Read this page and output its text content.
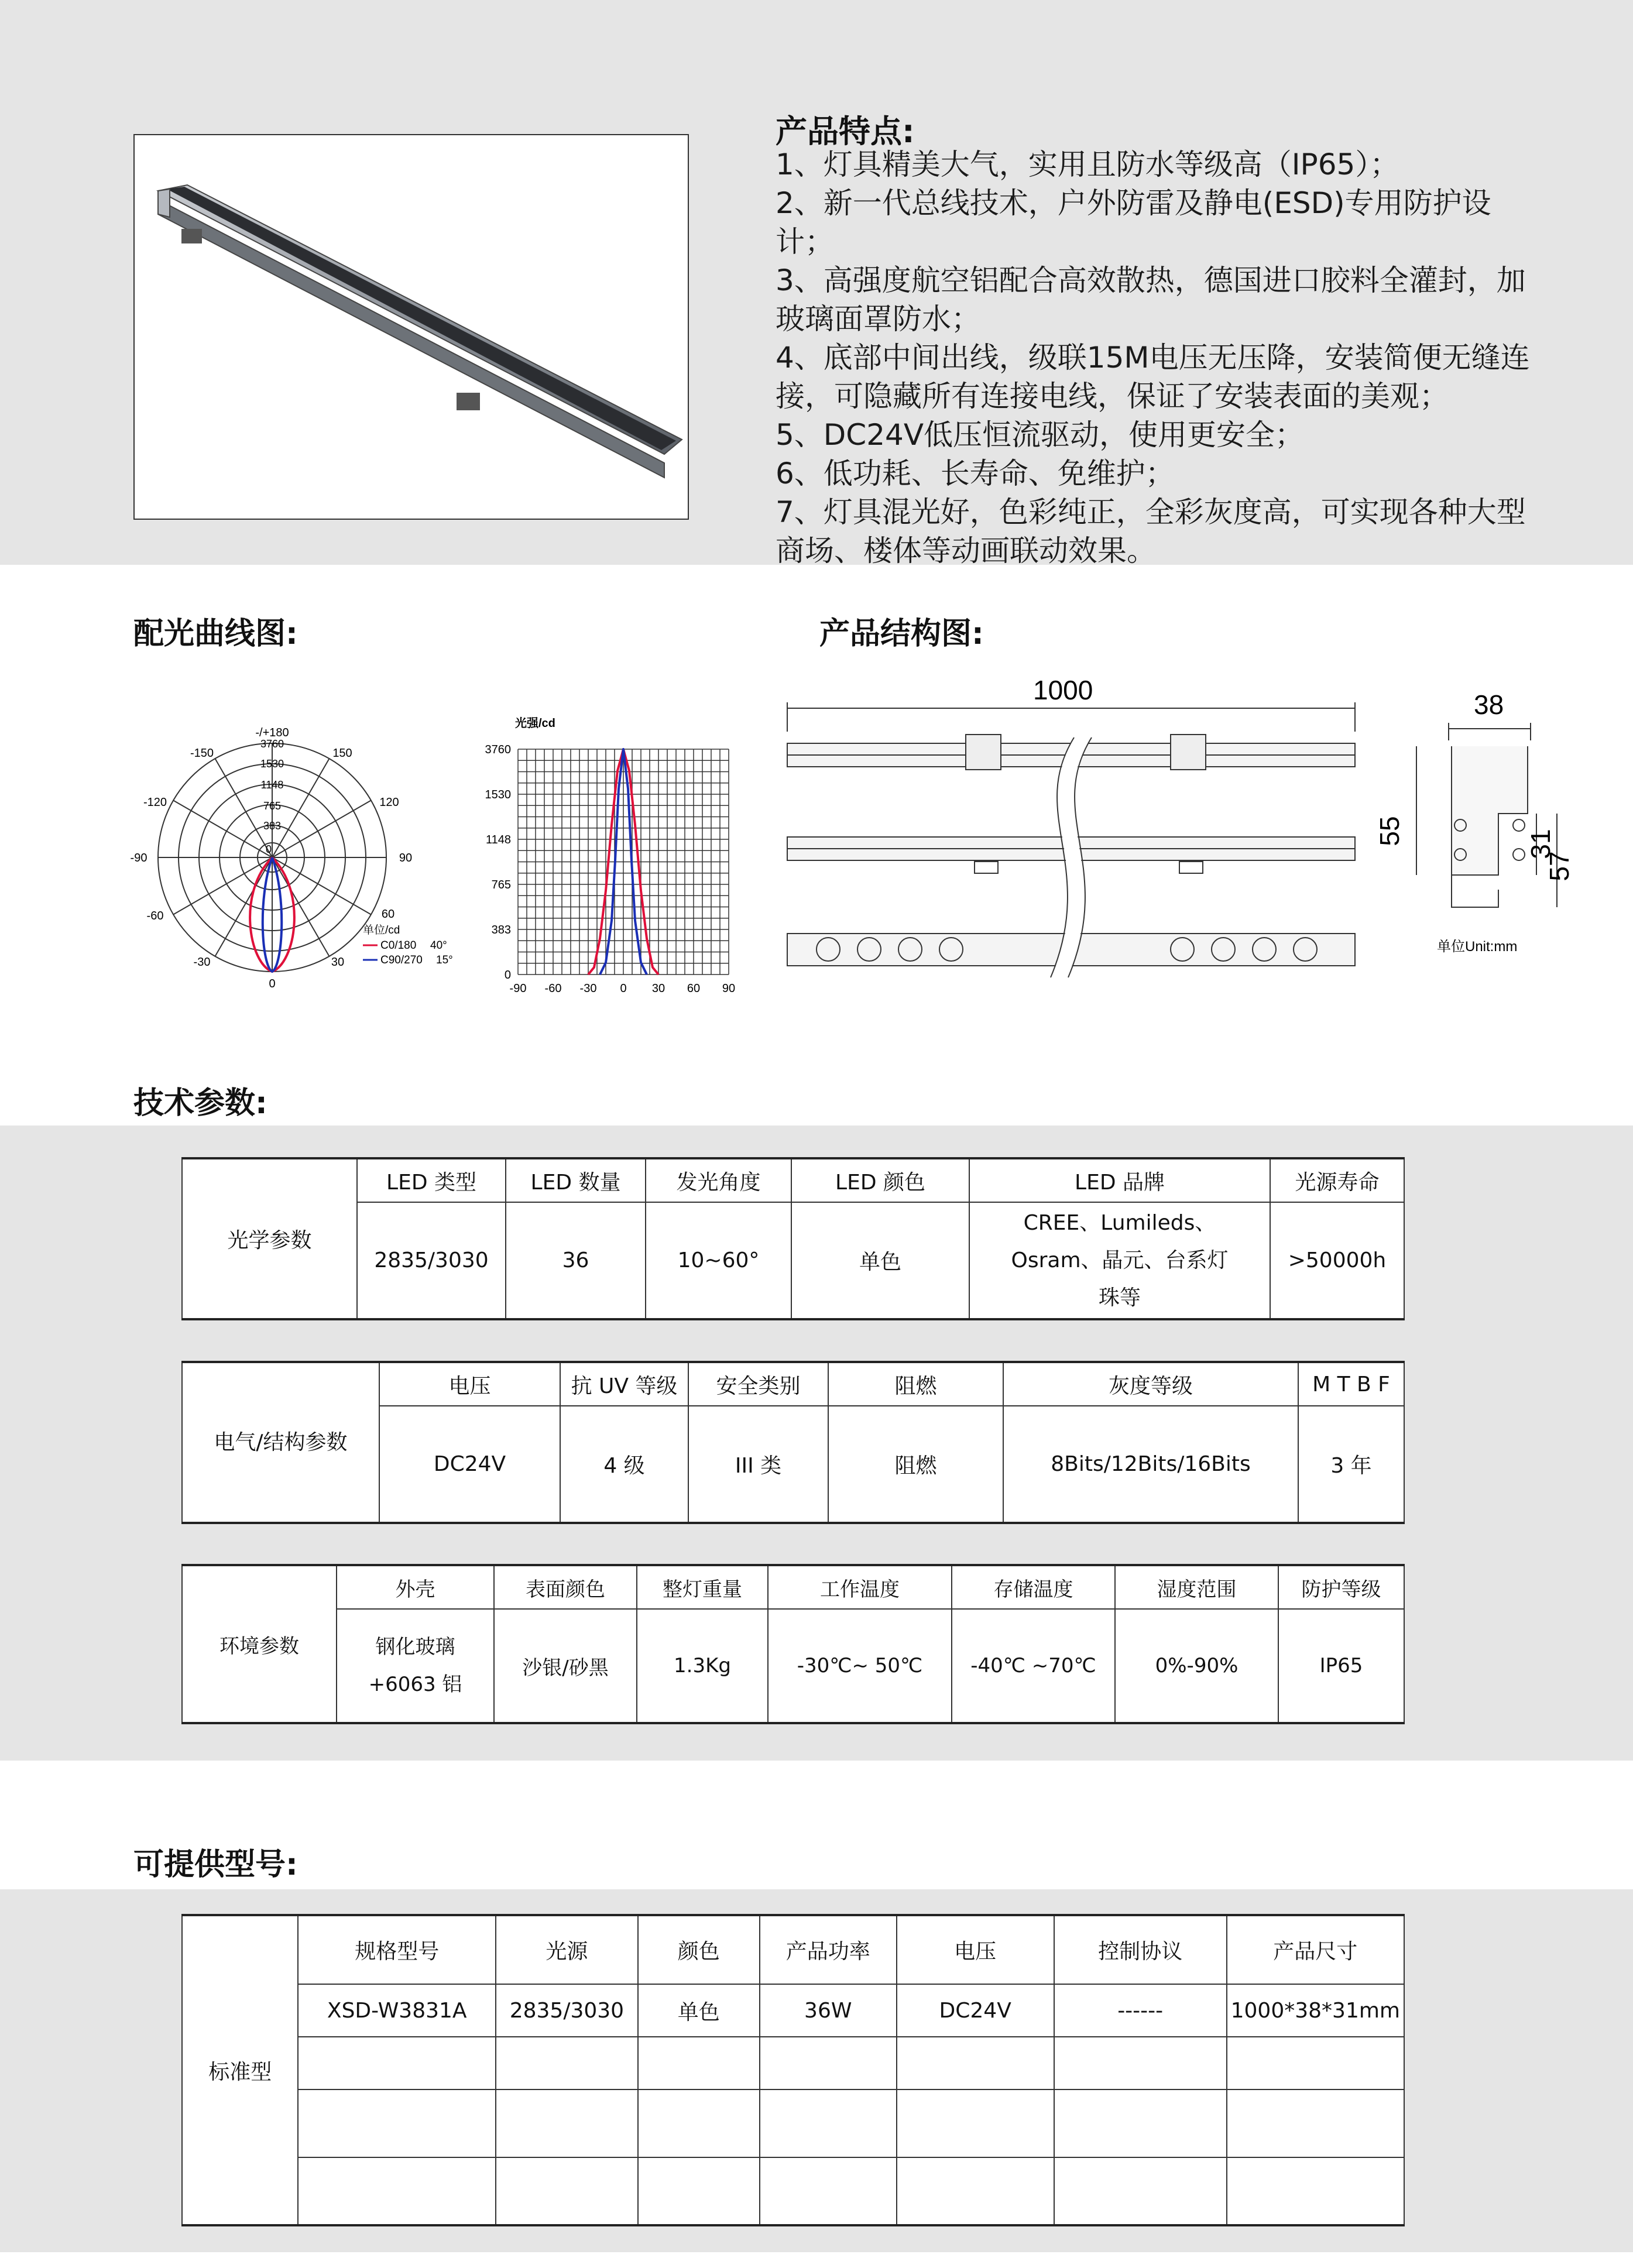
产品特点:
1、灯具精美大气，实用且防水等级高（IP65）；
2、新一代总线技术，户外防雷及静电(ESD)专用防护设计；
3、高强度航空铝配合高效散热，德国进口胶料全灌封，加
玻璃面罩防水；
4、底部中间出线，级联15M电压无压降，安装简便无缝连
接，可隐藏所有连接电线，保证了安装表面的美观；
5、DC24V低压恒流驱动，使用更安全；
6、低功耗、长寿命、免维护；
7、灯具混光好，色彩纯正，全彩灰度高，可实现各种大型
商场、楼体等动画联动效果。
配光曲线图:	产品结构图:
技术参数:
可提供型号:
-/+180
-150	150
-120	120
-90	90
-60	60
-30	30
0
3760
1530
1148
765
383
0
单位/cd
C0/180 40°
C90/270 15°
光强/cd
-90 -60 -30 0 30 60 90
3760
1530
1148
765
383
0
1000	38
55	31
57
单位Unit:mm
光学参数	LED 类型	LED 数量	发光角度	LED 颜色	LED 品牌	光源寿命
	2835/3030	36	10~60°	单色	CREE、Lumileds、Osram、晶元、台系灯珠等	>50000h
电气/结构参数	电压	抗 UV 等级	安全类别	阻燃	灰度等级	M T B F
	DC24V	4 级	III 类	阻燃	8Bits/12Bits/16Bits	3 年
环境参数	外壳	表面颜色	整灯重量	工作温度	存储温度	湿度范围	防护等级
	钢化玻璃+6063 铝	沙银/砂黑	1.3Kg	-30℃~ 50℃	-40℃ ~70℃	0%-90%	IP65
标准型	规格型号	光源	颜色	产品功率	电压	控制协议	产品尺寸
	XSD-W3831A	2835/3030	单色	36W	DC24V	------	1000*38*31mm
